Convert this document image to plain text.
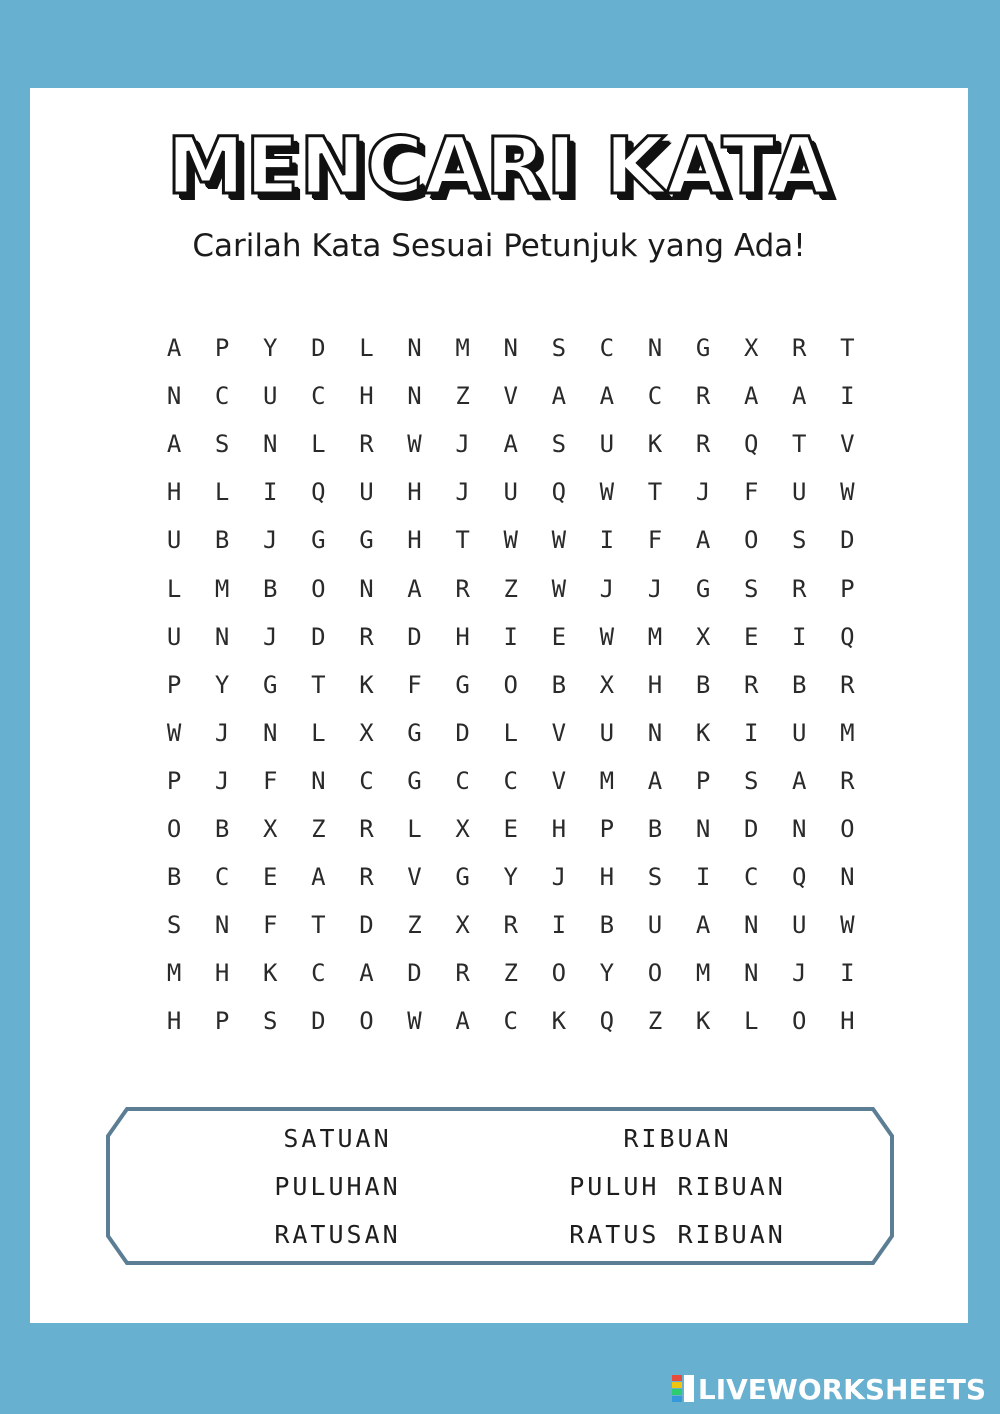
MENCARI KATA
Carilah Kata Sesuai Petunjuk yang Ada!
A	P	Y	D	L	N	M	N	S	C	N	G	X	R	T
N	C	U	C	H	N	Z	V	A	A	C	R	A	A	I
A	S	N	L	R	W	J	A	S	U	K	R	Q	T	V
H	L	I	Q	U	H	J	U	Q	W	T	J	F	U	W
U	B	J	G	G	H	T	W	W	I	F	A	O	S	D
L	M	B	O	N	A	R	Z	W	J	J	G	S	R	P
U	N	J	D	R	D	H	I	E	W	M	X	E	I	Q
P	Y	G	T	K	F	G	O	B	X	H	B	R	B	R
W	J	N	L	X	G	D	L	V	U	N	K	I	U	M
P	J	F	N	C	G	C	C	V	M	A	P	S	A	R
O	B	X	Z	R	L	X	E	H	P	B	N	D	N	O
B	C	E	A	R	V	G	Y	J	H	S	I	C	Q	N
S	N	F	T	D	Z	X	R	I	B	U	A	N	U	W
M	H	K	C	A	D	R	Z	O	Y	O	M	N	J	I
H	P	S	D	O	W	A	C	K	Q	Z	K	L	O	H
SATUAN	RIBUAN
PULUHAN	PULUH RIBUAN
RATUSAN	RATUS RIBUAN
LIVEWORKSHEETS
